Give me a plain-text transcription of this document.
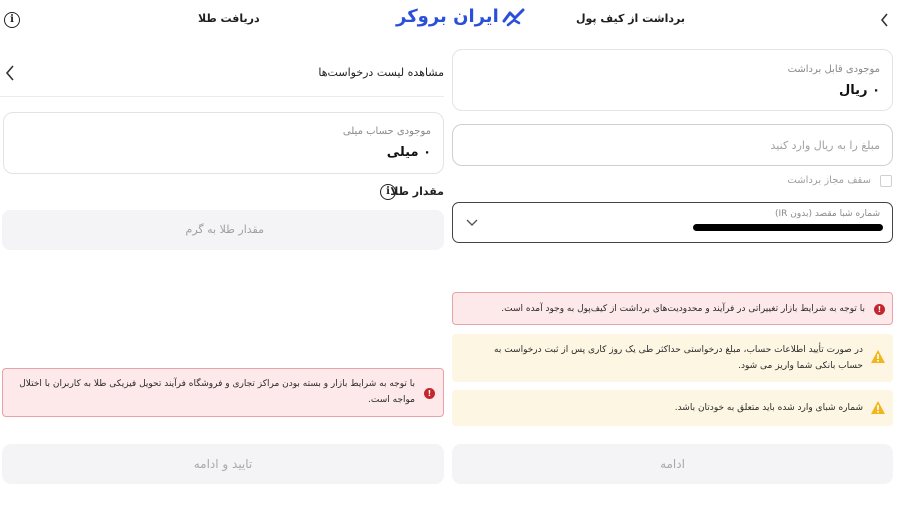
i	دریافت طلا	ایران بروکر	برداشت از کیف پول
مشاهده لیست درخواست‌ها
موجودی حساب میلی
۰ میلی
مقدار طلا
i
مقدار طلا به گرم
!
با توجه به شرایط بازار و بسته بودن مراکز تجاری و فروشگاه فرآیند تحویل فیزیکی طلا به کاربران با اختلال مواجه است.
تایید و ادامه
موجودی قابل برداشت
۰ ریال
مبلغ را به ریال وارد کنید
سقف مجاز برداشت
شماره شبا مقصد (بدون IR)
!
با توجه به شرایط بازار تغییراتی در فرآیند و محدودیت‌های برداشت از کیف‌پول به وجود آمده است.
در صورت تأیید اطلاعات حساب، مبلغ درخواستی حداکثر طی یک روز کاری پس از ثبت درخواست به حساب بانکی شما واریز می شود.
شماره شبای وارد شده باید متعلق به خودتان باشد.
ادامه
